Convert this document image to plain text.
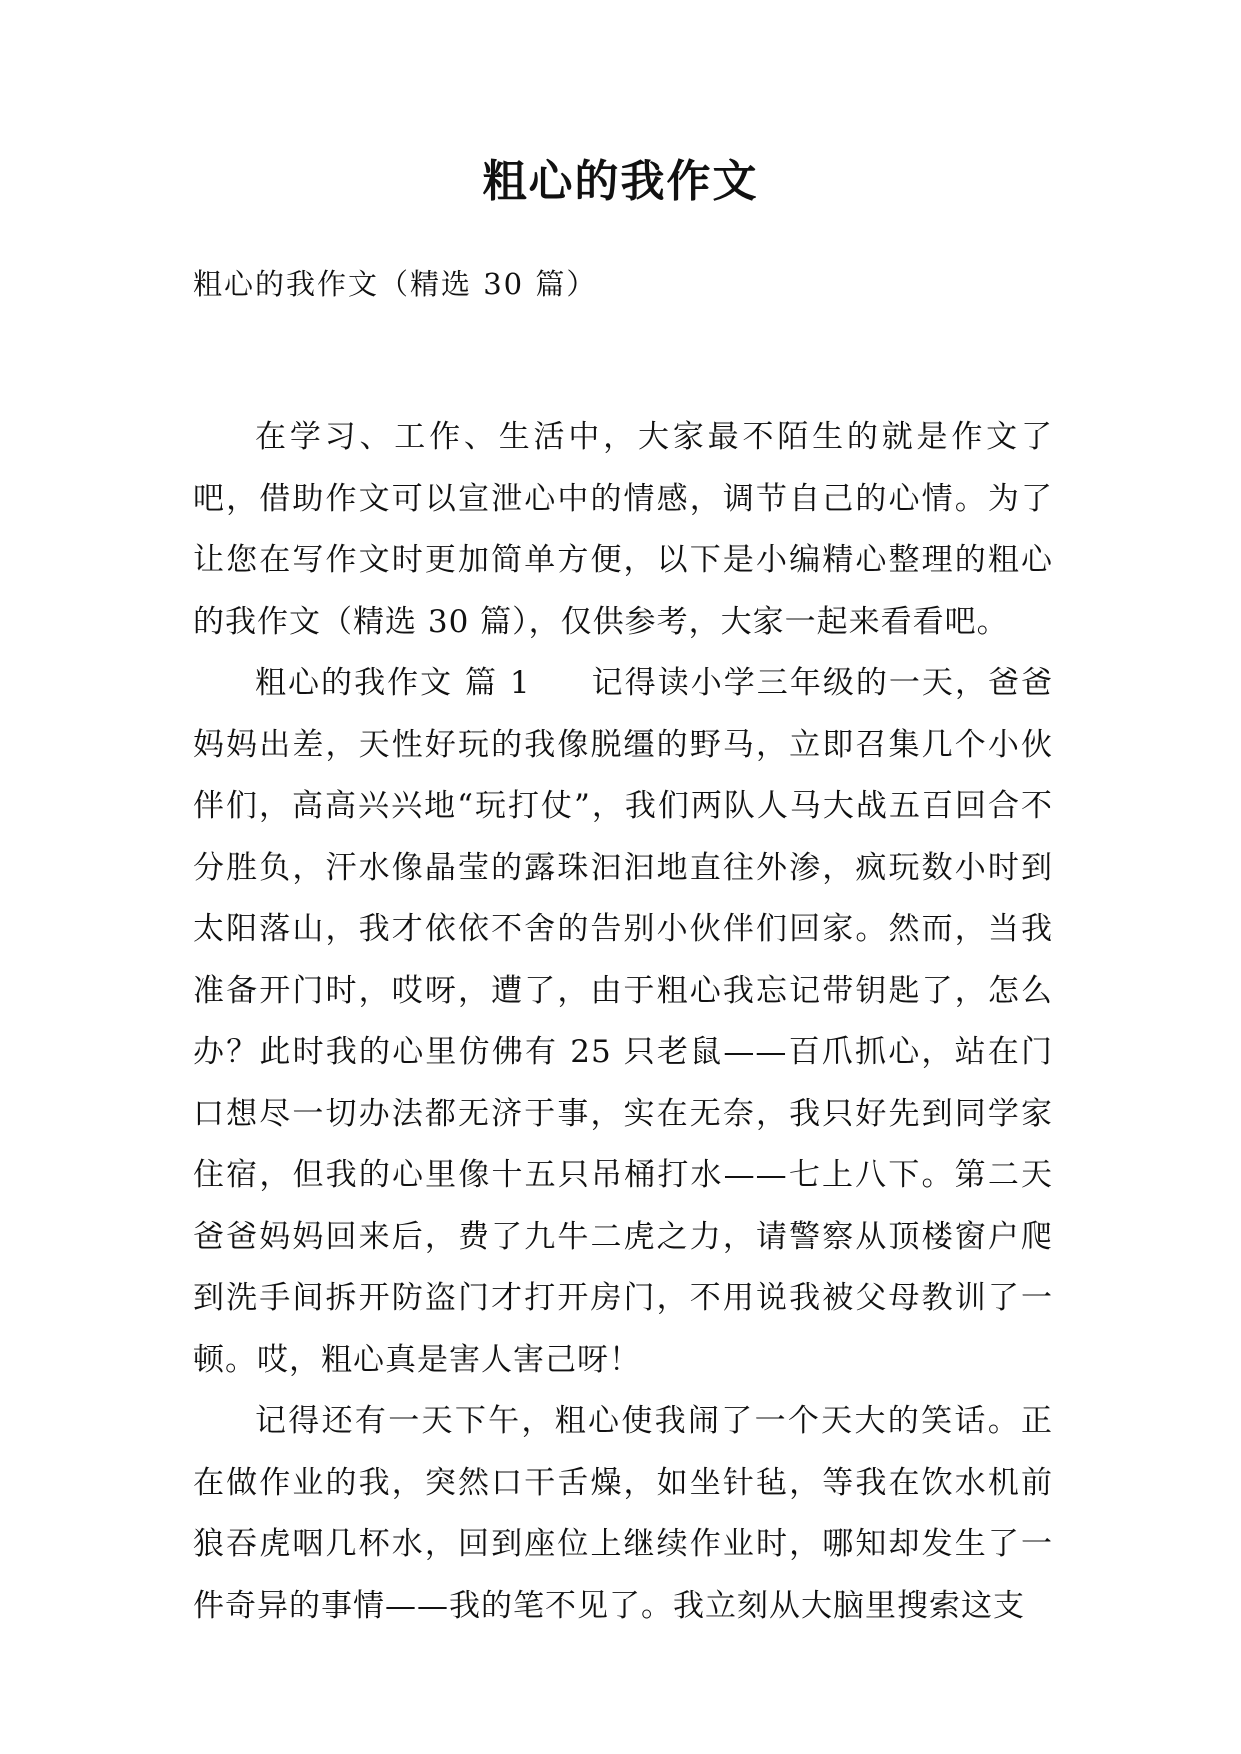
粗心的我作文
粗心的我作文（精选 30 篇）

在学习、工作、生活中，大家最不陌生的就是作文了吧，借助作文可以宣泄心中的情感，调节自己的心情。为了让您在写作文时更加简单方便，以下是小编精心整理的粗心的我作文（精选 30 篇），仅供参考，大家一起来看看吧。

粗心的我作文 篇 1 记得读小学三年级的一天，爸爸妈妈出差，天性好玩的我像脱缰的野马，立即召集几个小伙伴们，高高兴兴地“玩打仗”，我们两队人马大战五百回合不分胜负，汗水像晶莹的露珠汩汩地直往外渗，疯玩数小时到太阳落山，我才依依不舍的告别小伙伴们回家。然而，当我准备开门时，哎呀，遭了，由于粗心我忘记带钥匙了，怎么办？此时我的心里仿佛有 25 只老鼠——百爪抓心，站在门口想尽一切办法都无济于事，实在无奈，我只好先到同学家住宿，但我的心里像十五只吊桶打水——七上八下。第二天爸爸妈妈回来后，费了九牛二虎之力，请警察从顶楼窗户爬到洗手间拆开防盗门才打开房门，不用说我被父母教训了一顿。哎，粗心真是害人害己呀！

记得还有一天下午，粗心使我闹了一个天大的笑话。正在做作业的我，突然口干舌燥，如坐针毡，等我在饮水机前狼吞虎咽几杯水，回到座位上继续作业时，哪知却发生了一件奇异的事情——我的笔不见了。我立刻从大脑里搜索这支
